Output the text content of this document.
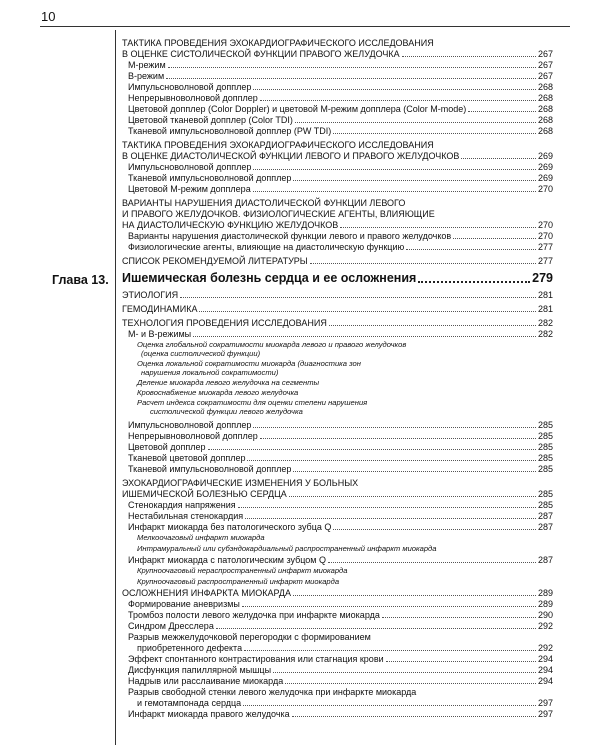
10
Глава 13.
ТАКТИКА ПРОВЕДЕНИЯ ЭХОКАРДИОГРАФИЧЕСКОГО ИССЛЕДОВАНИЯ
В ОЦЕНКЕ СИСТОЛИЧЕСКОЙ ФУНКЦИИ ПРАВОГО ЖЕЛУДОЧКА	267
М-режим	267
В-режим	267
Импульсноволновой допплер	268
Непрерывноволновой допплер	268
Цветовой допплер (Color Doppler) и цветовой М-режим допплера (Color M-mode)	268
Цветовой тканевой допплер (Color TDI)	268
Тканевой импульсноволновой допплер (PW TDI)	268
ТАКТИКА ПРОВЕДЕНИЯ ЭХОКАРДИОГРАФИЧЕСКОГО ИССЛЕДОВАНИЯ
В ОЦЕНКЕ ДИАСТОЛИЧЕСКОЙ ФУНКЦИИ ЛЕВОГО И ПРАВОГО ЖЕЛУДОЧКОВ	269
Импульсноволновой допплер	269
Тканевой импульсноволновой допплер	269
Цветовой М-режим допплера	270
ВАРИАНТЫ НАРУШЕНИЯ ДИАСТОЛИЧЕСКОЙ ФУНКЦИИ ЛЕВОГО
И ПРАВОГО ЖЕЛУДОЧКОВ. ФИЗИОЛОГИЧЕСКИЕ АГЕНТЫ, ВЛИЯЮЩИЕ
НА ДИАСТОЛИЧЕСКУЮ ФУНКЦИЮ ЖЕЛУДОЧКОВ	270
Варианты нарушения диастолической функции левого и правого желудочков	270
Физиологические агенты, влияющие на диастолическую функцию	277
СПИСОК РЕКОМЕНДУЕМОЙ ЛИТЕРАТУРЫ	277
Ишемическая болезнь сердца и ее осложнения	279
ЭТИОЛОГИЯ	281
ГЕМОДИНАМИКА	281
ТЕХНОЛОГИЯ ПРОВЕДЕНИЯ ИССЛЕДОВАНИЯ	282
М- и В-режимы	282
Оценка глобальной сократимости миокарда левого и правого желудочков
(оценка систолической функции)
Оценка локальной сократимости миокарда (диагностика зон
нарушения локальной сократимости)
Деление миокарда левого желудочка на сегменты
Кровоснабжение миокарда левого желудочка
Расчет индекса сократимости для оценки степени нарушения
систолической функции левого желудочка
Импульсноволновой допплер	285
Непрерывноволновой допплер	285
Цветовой допплер	285
Тканевой цветовой допплер	285
Тканевой импульсноволновой допплер	285
ЭХОКАРДИОГРАФИЧЕСКИЕ ИЗМЕНЕНИЯ У БОЛЬНЫХ
ИШЕМИЧЕСКОЙ БОЛЕЗНЬЮ СЕРДЦА	285
Стенокардия напряжения	285
Нестабильная стенокардия	287
Инфаркт миокарда без патологического зубца Q	287
Мелкоочаговый инфаркт миокарда
Интрамуральный или субэндокардиальный распространенный инфаркт миокарда
Инфаркт миокарда с патологическим зубцом Q	287
Крупноочаговый нераспространенный инфаркт миокарда
Крупноочаговый распространенный инфаркт миокарда
ОСЛОЖНЕНИЯ ИНФАРКТА МИОКАРДА	289
Формирование аневризмы	289
Тромбоз полости левого желудочка при инфаркте миокарда	290
Синдром Дресслера	292
Разрыв межжелудочковой перегородки с формированием
приобретенного дефекта	292
Эффект спонтанного контрастирования или стагнация крови	294
Дисфункция папиллярной мышцы	294
Надрыв или расслаивание миокарда	294
Разрыв свободной стенки левого желудочка при инфаркте миокарда
и гемотампонада сердца	297
Инфаркт миокарда правого желудочка	297
